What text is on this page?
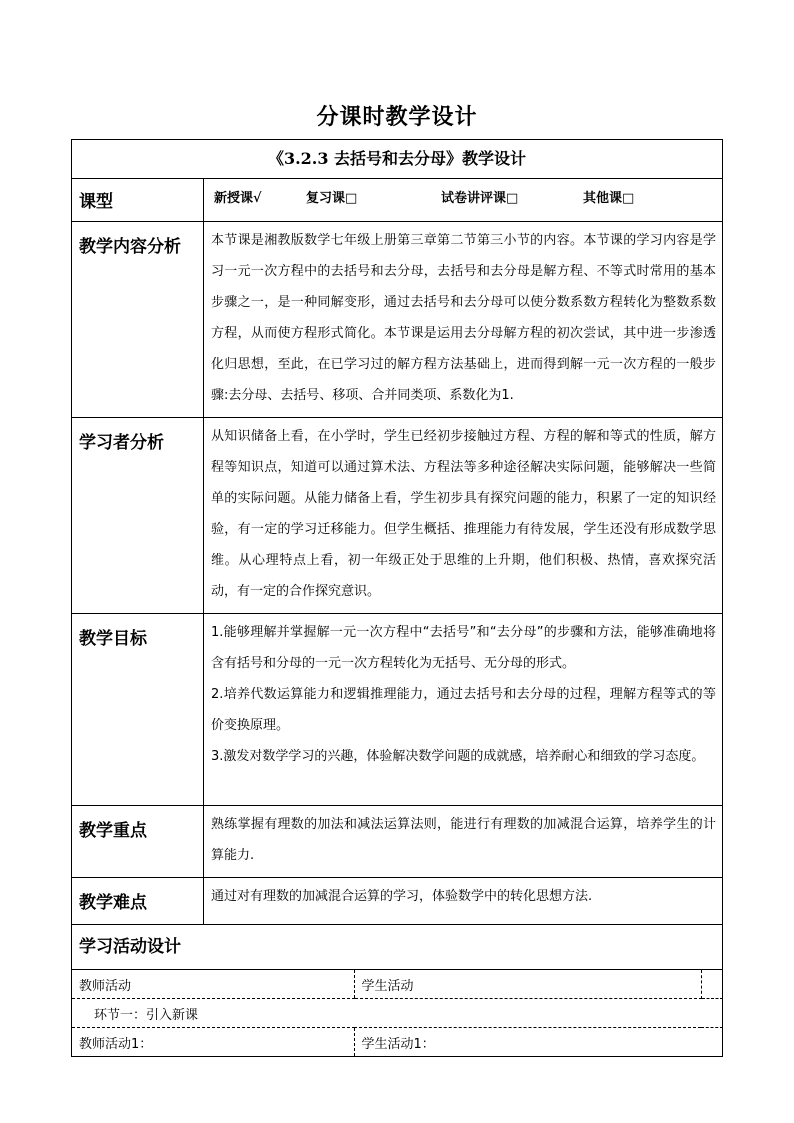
分课时教学设计
《3.2.3 去括号和去分母》教学设计
课型	新授课√	复习课□	试卷讲评课□	其他课□
教学内容分析	本节课是湘教版数学七年级上册第三章第二节第三小节的内容。本节课的学习内容是学习一元一次方程中的去括号和去分母，去括号和去分母是解方程、不等式时常用的基本步骤之一，是一种同解变形，通过去括号和去分母可以使分数系数方程转化为整数系数方程，从而使方程形式简化。本节课是运用去分母解方程的初次尝试，其中进一步渗透化归思想，至此，在已学习过的解方程方法基础上，进而得到解一元一次方程的一般步骤:去分母、去括号、移项、合并同类项、系数化为1.
学习者分析	从知识储备上看，在小学时，学生已经初步接触过方程、方程的解和等式的性质，解方程等知识点，知道可以通过算术法、方程法等多种途径解决实际问题，能够解决一些简单的实际问题。从能力储备上看，学生初步具有探究问题的能力，积累了一定的知识经验，有一定的学习迁移能力。但学生概括、推理能力有待发展，学生还没有形成数学思维。从心理特点上看，初一年级正处于思维的上升期，他们积极、热情，喜欢探究活动，有一定的合作探究意识。
教学目标	1.能够理解并掌握解一元一次方程中“去括号”和“去分母”的步骤和方法，能够准确地将含有括号和分母的一元一次方程转化为无括号、无分母的形式。

2.培养代数运算能力和逻辑推理能力，通过去括号和去分母的过程，理解方程等式的等价变换原理。

3.激发对数学学习的兴趣，体验解决数学问题的成就感，培养耐心和细致的学习态度。

教学重点	熟练掌握有理数的加法和减法运算法则，能进行有理数的加减混合运算，培养学生的计算能力.
教学难点	通过对有理数的加减混合运算的学习，体验数学中的转化思想方法.
学习活动设计

教师活动	学生活动	
环节一：引入新课
教师活动1：	学生活动1：	
